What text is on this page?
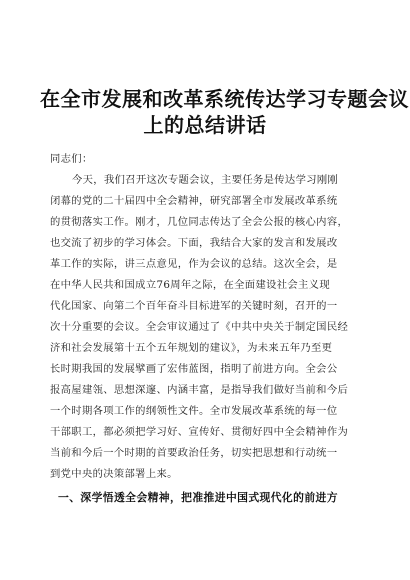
在全市发展和改革系统传达学习专题会议
上的总结讲话
同志们：
今天，我们召开这次专题会议，主要任务是传达学习刚刚
闭幕的党的二十届四中全会精神，研究部署全市发展改革系统
的贯彻落实工作。刚才，几位同志传达了全会公报的核心内容，
也交流了初步的学习体会。下面，我结合大家的发言和发展改
革工作的实际，讲三点意见，作为会议的总结。这次全会，是
在中华人民共和国成立76周年之际，在全面建设社会主义现
代化国家、向第二个百年奋斗目标进军的关键时刻，召开的一
次十分重要的会议。全会审议通过了《中共中央关于制定国民经
济和社会发展第十五个五年规划的建议》，为未来五年乃至更
长时期我国的发展擘画了宏伟蓝图，指明了前进方向。全会公
报高屋建瓴、思想深邃、内涵丰富，是指导我们做好当前和今后
一个时期各项工作的纲领性文件。全市发展改革系统的每一位
干部职工，都必须把学习好、宣传好、贯彻好四中全会精神作为
当前和今后一个时期的首要政治任务，切实把思想和行动统一
到党中央的决策部署上来。
一、深学悟透全会精神，把准推进中国式现代化的前进方
